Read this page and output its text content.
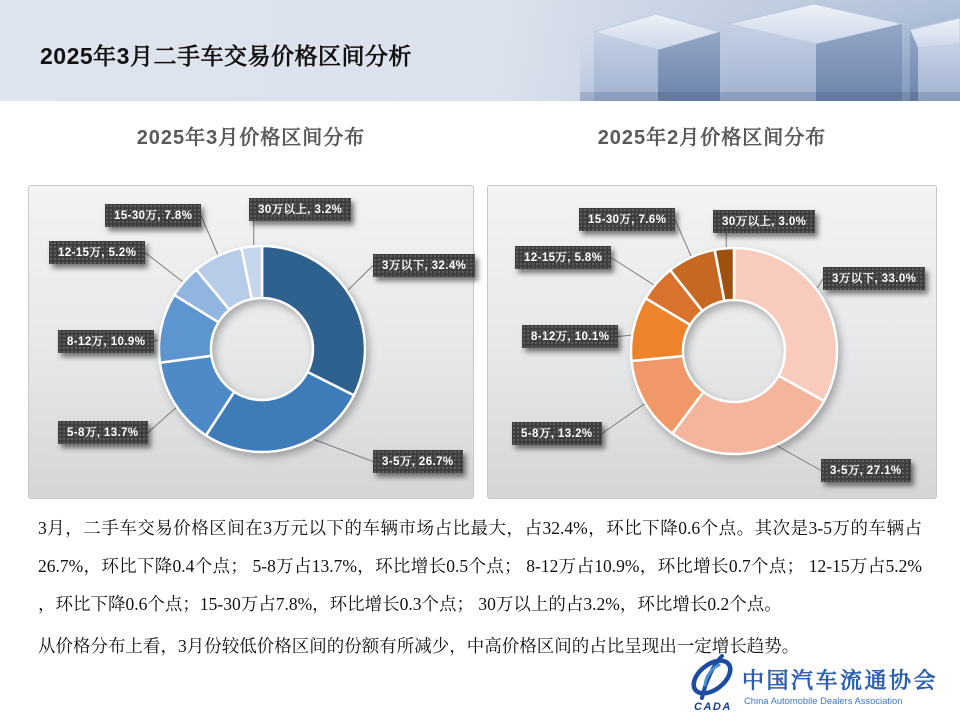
2025年3月二手车交易价格区间分析
2025年3月价格区间分布	2025年2月价格区间分布
3万以下, 32.4%
3-5万, 26.7%
5-8万, 13.7%
8-12万, 10.9%
12-15万, 5.2%
15-30万, 7.8%	30万以上, 3.2%
3万以下, 33.0%
3-5万, 27.1%
5-8万, 13.2%
8-12万, 10.1%
12-15万, 5.8%
15-30万, 7.6%	30万以上, 3.0%
3月，二手车交易价格区间在3万元以下的车辆市场占比最大，占32.4%，环比下降0.6个点。其次是3-5万的车辆占26.7%，环比下降0.4个点； 5-8万占13.7%，环比增长0.5个点； 8-12万占10.9%，环比增长0.7个点； 12-15万占5.2% ，环比下降0.6个点；15-30万占7.8%，环比增长0.3个点； 30万以上的占3.2%，环比增长0.2个点。
从价格分布上看，3月份较低价格区间的份额有所减少，中高价格区间的占比呈现出一定增长趋势。
CADA
中国汽车流通协会
China Automobile Dealers Association
